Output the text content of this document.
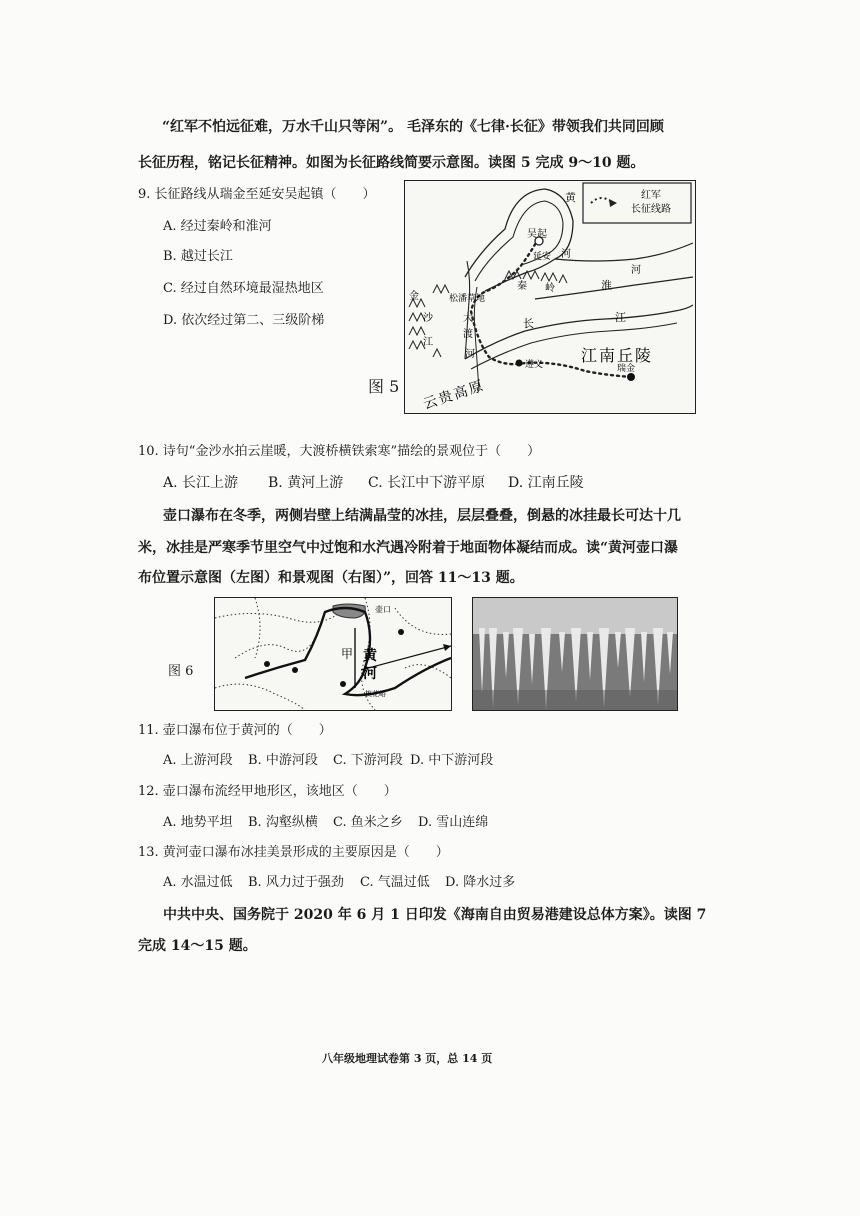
“红军不怕远征难，万水千山只等闲”。 毛泽东的《七律·长征》带领我们共同回顾
长征历程，铭记长征精神。如图为长征路线简要示意图。读图 5 完成 9～10 题。
9. 长征路线从瑞金至延安吴起镇（　　）
A. 经过秦岭和淮河
B. 越过长江
C. 经过自然环境最湿热地区
D. 依次经过第二、三级阶梯
红军
长征线路
吴起
延安
黄
河
淮
河
秦 岭
松潘草地
金
沙
江
大
渡
河
长	江
遵义	瑞金
江南丘陵
云贵高原
图 5
10. 诗句“金沙水拍云崖暖，大渡桥横铁索寒”描绘的景观位于（　　）
A. 长江上游 B. 黄河上游 C. 长江中下游平原 D. 江南丘陵
壶口瀑布在冬季，两侧岩壁上结满晶莹的冰挂，层层叠叠，倒悬的冰挂最长可达十几
米，冰挂是严寒季节里空气中过饱和水汽遇冷附着于地面物体凝结而成。读“黄河壶口瀑
布位置示意图（左图）和景观图（右图）”，回答 11～13 题。
图 6
甲 黄
河
壶口
桃花峪
11. 壶口瀑布位于黄河的（　　）
A. 上游河段 B. 中游河段 C. 下游河段 D. 中下游河段
12. 壶口瀑布流经甲地形区，该地区（　　）
A. 地势平坦 B. 沟壑纵横 C. 鱼米之乡 D. 雪山连绵
13. 黄河壶口瀑布冰挂美景形成的主要原因是（　　）
A. 水温过低 B. 风力过于强劲 C. 气温过低 D. 降水过多
中共中央、国务院于 2020 年 6 月 1 日印发《海南自由贸易港建设总体方案》。读图 7
完成 14～15 题。
八年级地理试卷第 3 页，总 14 页
